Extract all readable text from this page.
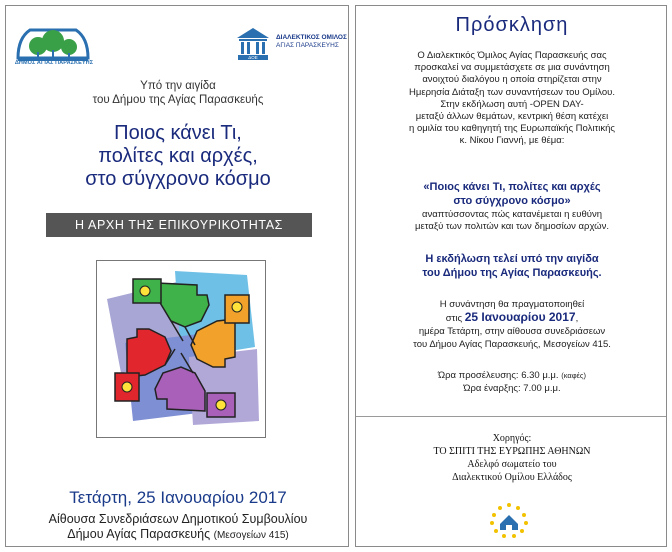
ΔΗΜΟΣ ΑΓΙΑΣ ΠΑΡΑΣΚΕΥΗΣ
ΔΟΕ
ΔΙΑΛΕΚΤΙΚΟΣ ΟΜΙΛΟΣ
ΑΓΙΑΣ ΠΑΡΑΣΚΕΥΗΣ
Υπό την αιγίδα
του Δήμου της Αγίας Παρασκευής
Ποιος κάνει Τι,
πολίτες και αρχές,
στο σύγχρονο κόσμο
Η ΑΡΧΗ ΤΗΣ ΕΠΙΚΟΥΡΙΚΟΤΗΤΑΣ
Τετάρτη, 25 Ιανουαρίου 2017
Αίθουσα Συνεδριάσεων Δημοτικού Συμβουλίου
Δήμου Αγίας Παρασκευής (Μεσογείων 415)
Πρόσκληση
Ο Διαλεκτικός Όμιλος Αγίας Παρασκευής σας
προσκαλεί να συμμετάσχετε σε μια συνάντηση
ανοιχτού διαλόγου η οποία στηρίζεται στην
Ημερησία Διάταξη των συναντήσεων του Ομίλου.
Στην εκδήλωση αυτή -OPEN DAY-
μεταξύ άλλων θεμάτων, κεντρική θέση κατέχει
η ομιλία του καθηγητή της Ευρωπαϊκής Πολιτικής
κ. Νίκου Γιαννή, με θέμα:
«Ποιος κάνει Τι, πολίτες και αρχές
στο σύγχρονο κόσμο»
αναπτύσσοντας πώς κατανέμεται η ευθύνη
μεταξύ των πολιτών και των δημοσίων αρχών.
Η εκδήλωση τελεί υπό την αιγίδα
του Δήμου της Αγίας Παρασκευής.
Η συνάντηση θα πραγματοποιηθεί
στις 25 Ιανουαρίου 2017,
ημέρα Τετάρτη, στην αίθουσα συνεδριάσεων
του Δήμου Αγίας Παρασκευής, Μεσογείων 415.
Ώρα προσέλευσης: 6.30 μ.μ. (καφές)
Ώρα έναρξης: 7.00 μ.μ.
Χορηγός:
ΤΟ ΣΠΙΤΙ ΤΗΣ ΕΥΡΩΠΗΣ ΑΘΗΝΩΝ
Αδελφό σωματείο του
Διαλεκτικού Ομίλου Ελλάδος
